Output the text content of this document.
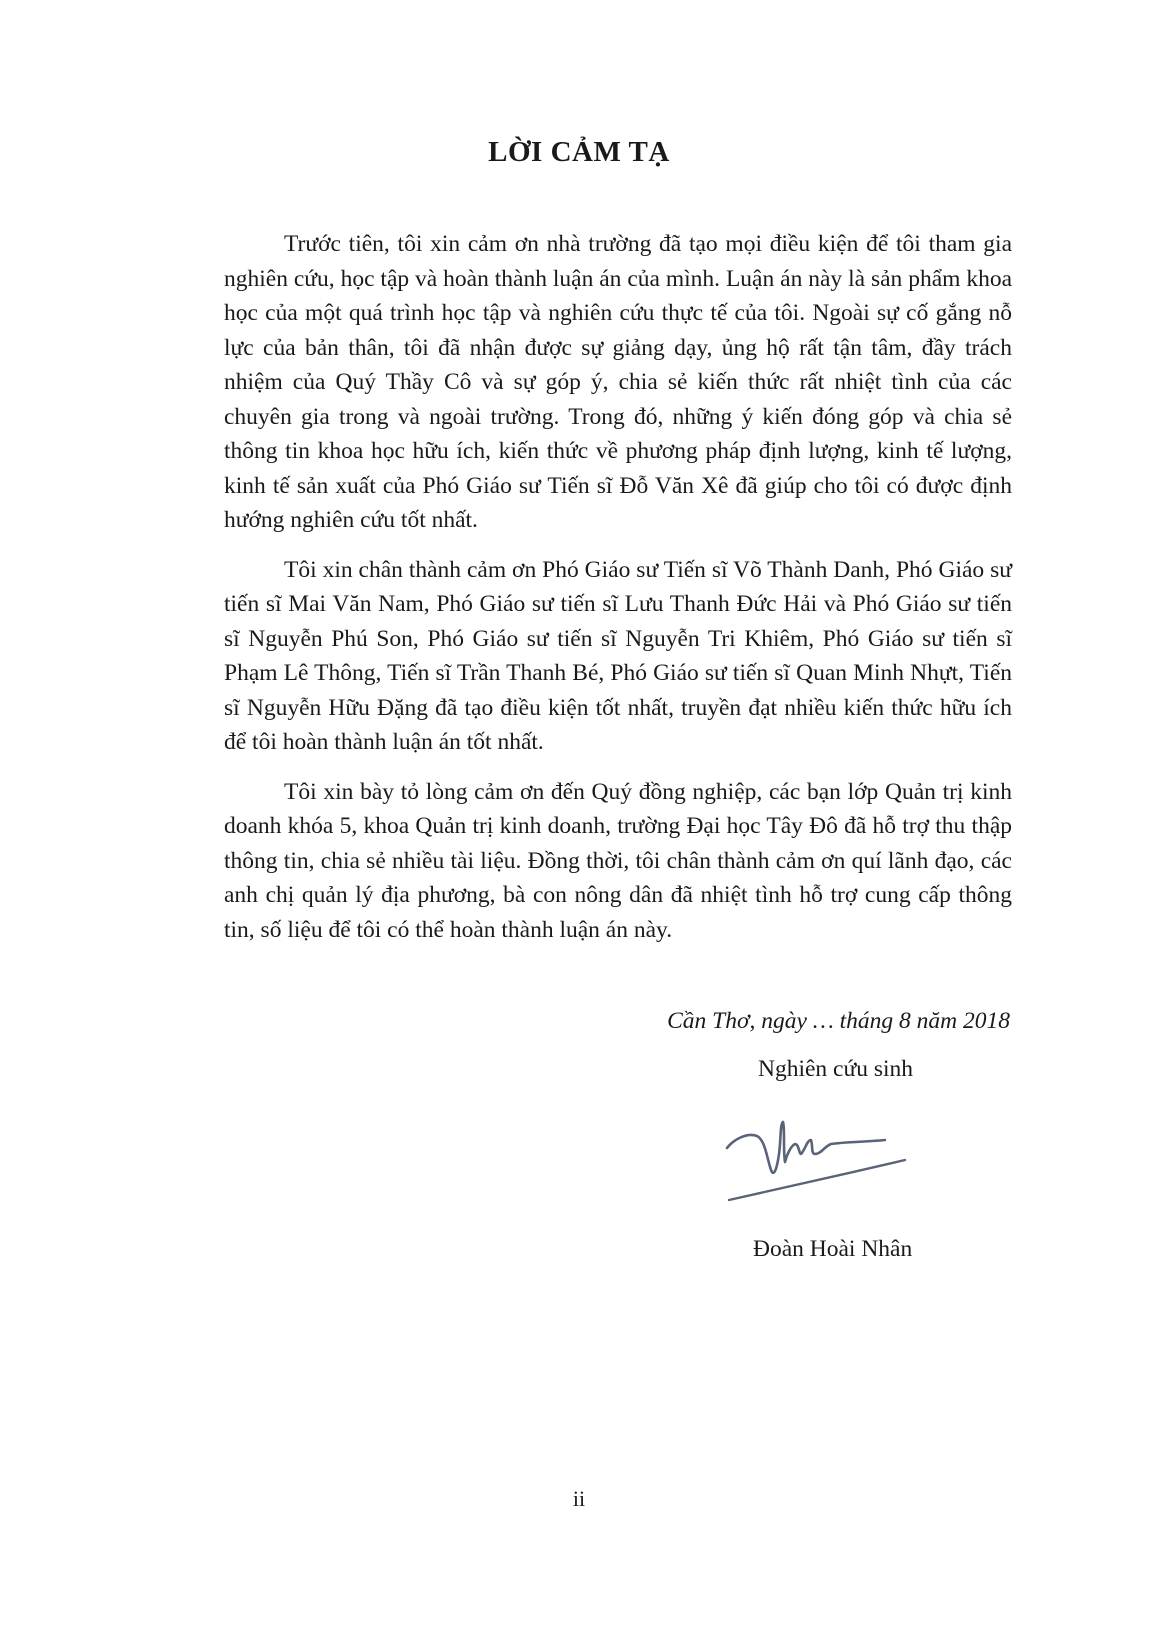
LỜI CẢM TẠ

Trước tiên, tôi xin cảm ơn nhà trường đã tạo mọi điều kiện để tôi tham gia nghiên cứu, học tập và hoàn thành luận án của mình. Luận án này là sản phẩm khoa học của một quá trình học tập và nghiên cứu thực tế của tôi. Ngoài sự cố gắng nỗ lực của bản thân, tôi đã nhận được sự giảng dạy, ủng hộ rất tận tâm, đầy trách nhiệm của Quý Thầy Cô và sự góp ý, chia sẻ kiến thức rất nhiệt tình của các chuyên gia trong và ngoài trường. Trong đó, những ý kiến đóng góp và chia sẻ thông tin khoa học hữu ích, kiến thức về phương pháp định lượng, kinh tế lượng, kinh tế sản xuất của Phó Giáo sư Tiến sĩ Đỗ Văn Xê đã giúp cho tôi có được định hướng nghiên cứu tốt nhất.

Tôi xin chân thành cảm ơn Phó Giáo sư Tiến sĩ Võ Thành Danh, Phó Giáo sư tiến sĩ Mai Văn Nam, Phó Giáo sư tiến sĩ Lưu Thanh Đức Hải và Phó Giáo sư tiến sĩ Nguyễn Phú Son, Phó Giáo sư tiến sĩ Nguyễn Tri Khiêm, Phó Giáo sư tiến sĩ Phạm Lê Thông, Tiến sĩ Trần Thanh Bé, Phó Giáo sư tiến sĩ Quan Minh Nhựt, Tiến sĩ Nguyễn Hữu Đặng đã tạo điều kiện tốt nhất, truyền đạt nhiều kiến thức hữu ích để tôi hoàn thành luận án tốt nhất.

Tôi xin bày tỏ lòng cảm ơn đến Quý đồng nghiệp, các bạn lớp Quản trị kinh doanh khóa 5, khoa Quản trị kinh doanh, trường Đại học Tây Đô đã hỗ trợ thu thập thông tin, chia sẻ nhiều tài liệu. Đồng thời, tôi chân thành cảm ơn quí lãnh đạo, các anh chị quản lý địa phương, bà con nông dân đã nhiệt tình hỗ trợ cung cấp thông tin, số liệu để tôi có thể hoàn thành luận án này.

Cần Thơ, ngày … tháng 8 năm 2018
Nghiên cứu sinh
Đoàn Hoài Nhân
ii
